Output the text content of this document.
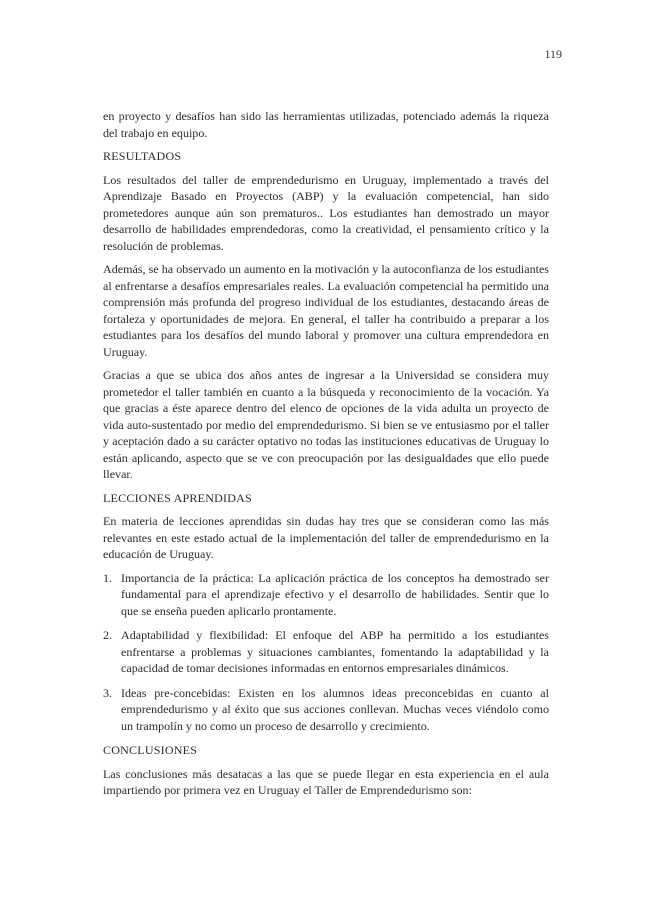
119

en proyecto y desafíos han sido las herramientas utilizadas, potenciado además la riqueza del trabajo en equipo.

RESULTADOS

Los resultados del taller de emprendedurismo en Uruguay, implementado a través del Aprendizaje Basado en Proyectos (ABP) y la evaluación competencial, han sido prometedores aunque aún son prematuros.. Los estudiantes han demostrado un mayor desarrollo de habilidades emprendedoras, como la creatividad, el pensamiento crítico y la resolución de problemas.

Además, se ha observado un aumento en la motivación y la autoconfianza de los estudiantes al enfrentarse a desafíos empresariales reales. La evaluación competencial ha permitido una comprensión más profunda del progreso individual de los estudiantes, destacando áreas de fortaleza y oportunidades de mejora. En general, el taller ha contribuido a preparar a los estudiantes para los desafíos del mundo laboral y promover una cultura emprendedora en Uruguay.

Gracias a que se ubica dos años antes de ingresar a la Universidad se considera muy prometedor el taller también en cuanto a la búsqueda y reconocimiento de la vocación. Ya que gracias a éste aparece dentro del elenco de opciones de la vida adulta un proyecto de vida auto-sustentado por medio del emprendedurismo. Si bien se ve entusiasmo por el taller y aceptación dado a su carácter optativo no todas las instituciones educativas de Uruguay lo están aplicando, aspecto que se ve con preocupación por las desigualdades que ello puede llevar.

LECCIONES APRENDIDAS

En materia de lecciones aprendidas sin dudas hay tres que se consideran como las más relevantes en este estado actual de la implementación del taller de emprendedurismo en la educación de Uruguay.

1. Importancia de la práctica: La aplicación práctica de los conceptos ha demostrado ser fundamental para el aprendizaje efectivo y el desarrollo de habilidades. Sentir que lo que se enseña pueden aplicarlo prontamente.
2. Adaptabilidad y flexibilidad: El enfoque del ABP ha permitido a los estudiantes enfrentarse a problemas y situaciones cambiantes, fomentando la adaptabilidad y la capacidad de tomar decisiones informadas en entornos empresariales dinámicos.
3. Ideas pre-concebidas: Existen en los alumnos ideas preconcebidas en cuanto al emprendedurismo y al éxito que sus acciones conllevan. Muchas veces viéndolo como un trampolín y no como un proceso de desarrollo y crecimiento.
CONCLUSIONES

Las conclusiones más desatacas a las que se puede llegar en esta experiencia en el aula impartiendo por primera vez en Uruguay el Taller de Emprendedurismo son:
